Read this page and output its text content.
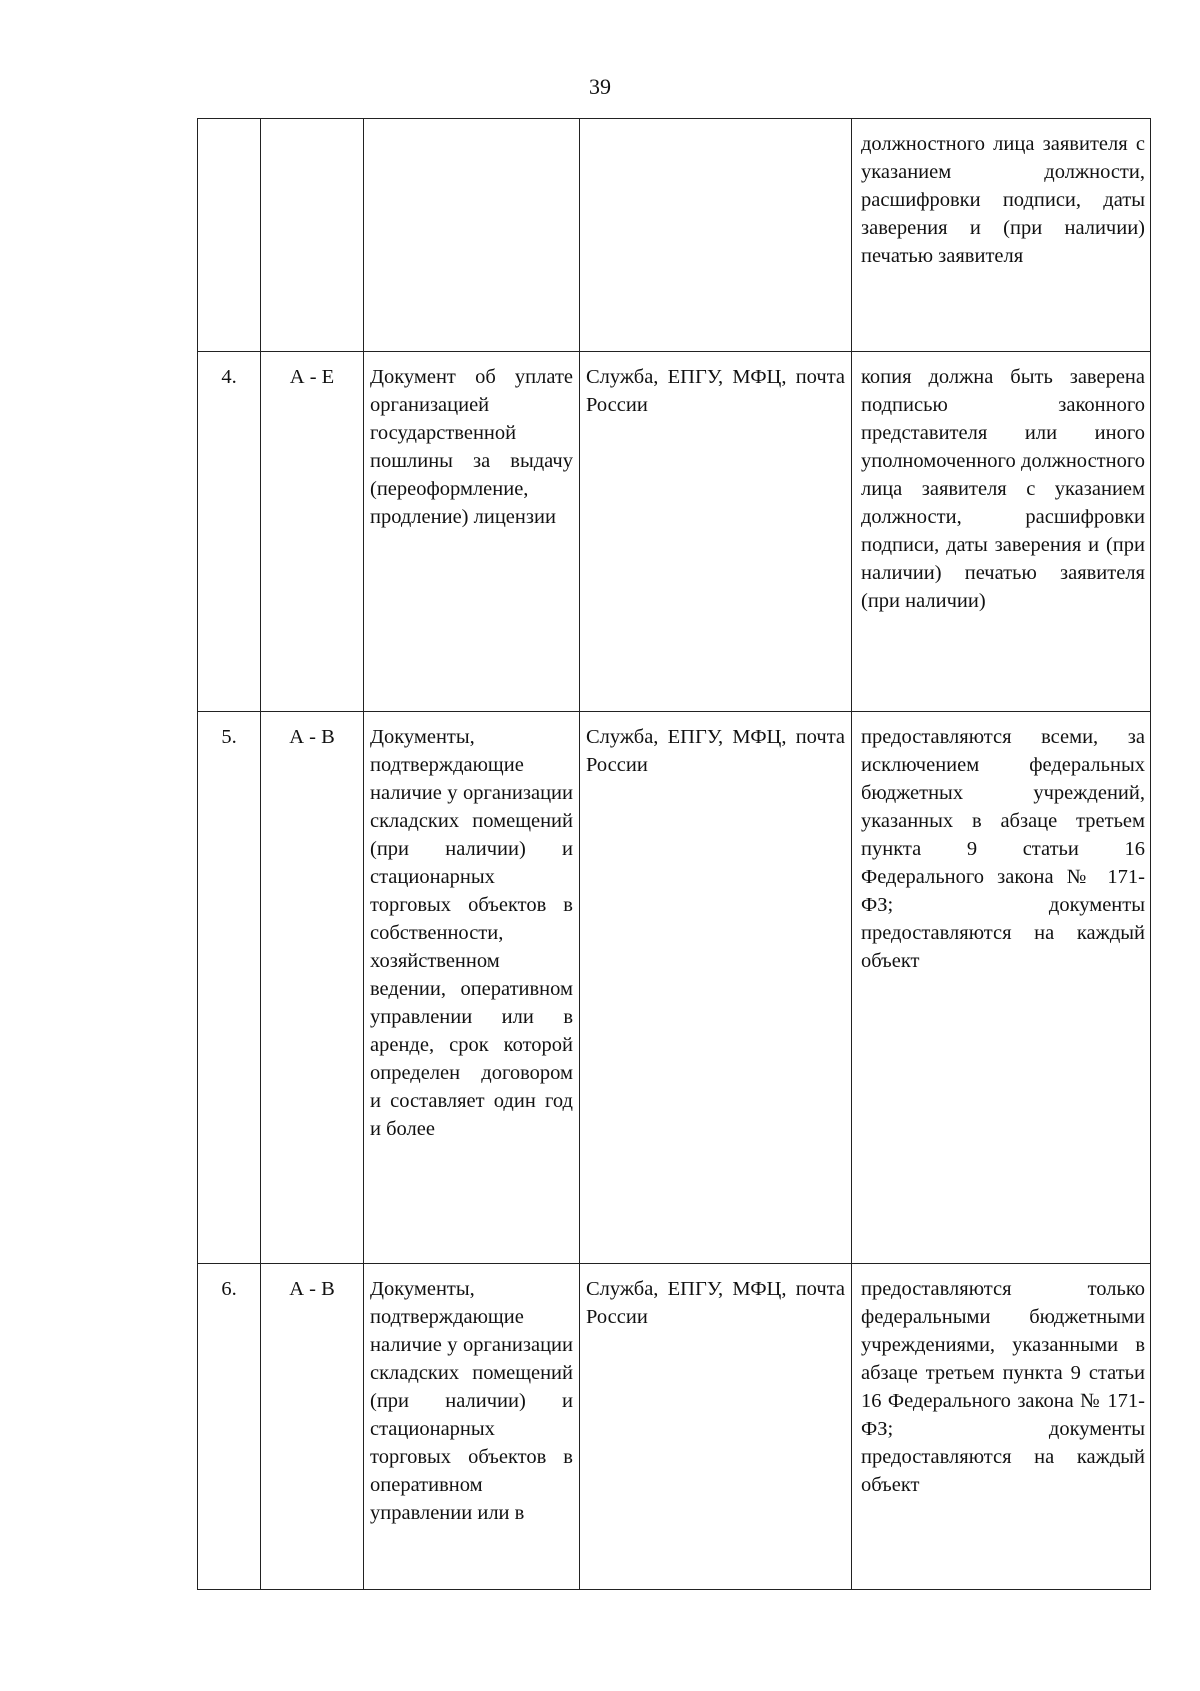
39
				должностного лица заявителя с указанием должности, расшифровки подписи, даты заверения и (при наличии) печатью заявителя
4.	А - Е	Документ об уплате организацией государственной пошлины за выдачу (переоформление, продление) лицензии	Служба, ЕПГУ, МФЦ, почта России	копия должна быть заверена подписью законного представителя или иного уполномоченного должностного лица заявителя с указанием должности, расшифровки подписи, даты заверения и (при наличии) печатью заявителя (при наличии)
5.	А - В	Документы, подтверждающие наличие у организации складских помещений (при наличии) и стационарных торговых объектов в собственности, хозяйственном ведении, оперативном управлении или в аренде, срок которой определен договором и составляет один год и более	Служба, ЕПГУ, МФЦ, почта России	предоставляются всеми, за исключением федеральных бюджетных учреждений, указанных в абзаце третьем пункта 9 статьи 16 Федерального закона № 171-ФЗ; документы предоставляются на каждый объект
6.	А - В	Документы, подтверждающие наличие у организации складских помещений (при наличии) и стационарных торговых объектов в оперативном управлении или в	Служба, ЕПГУ, МФЦ, почта России	предоставляются только федеральными бюджетными учреждениями, указанными в абзаце третьем пункта 9 статьи 16 Федерального закона № 171-ФЗ; документы предоставляются на каждый объект
